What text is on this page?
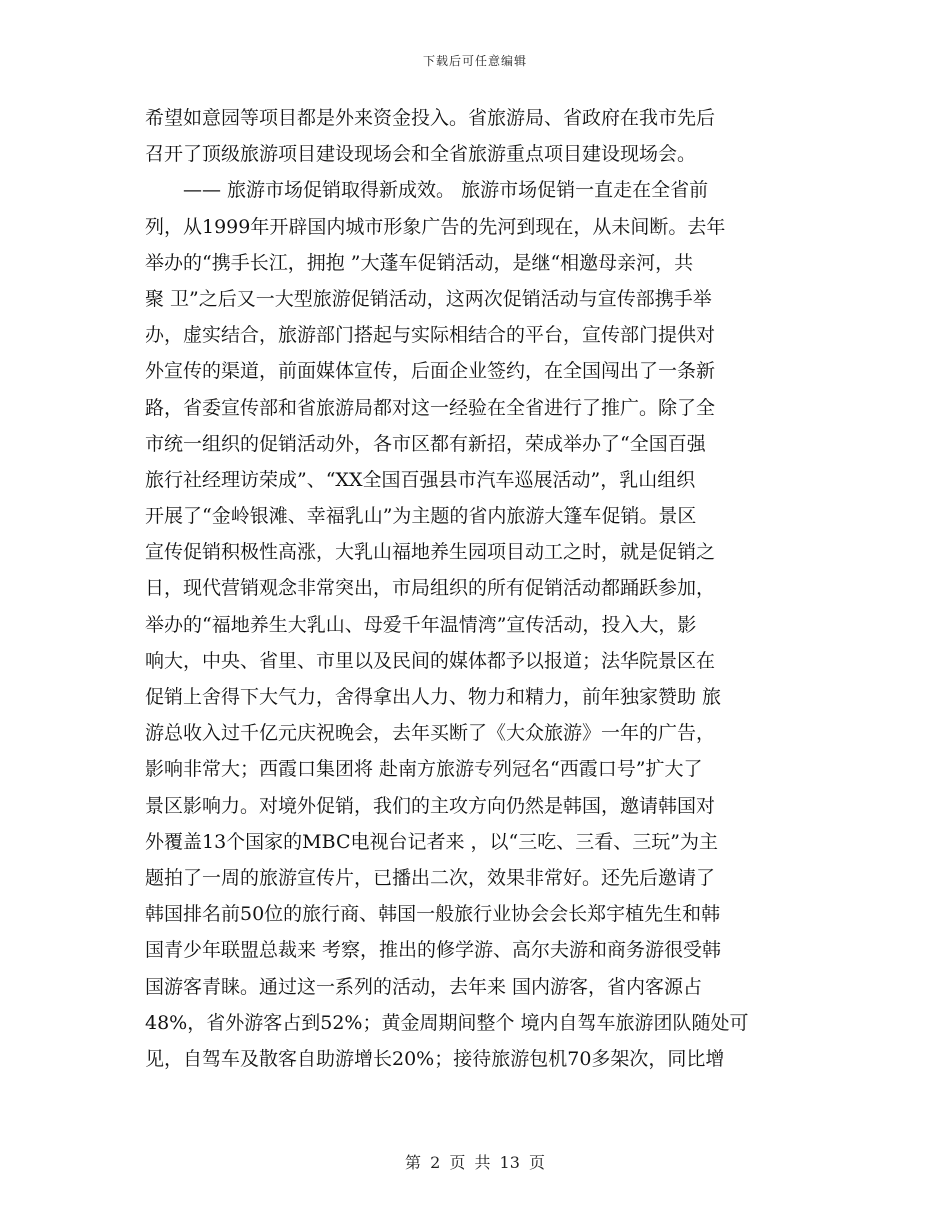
下载后可任意编辑
希望如意园等项目都是外来资金投入。省旅游局、省政府在我市先后
召开了顶级旅游项目建设现场会和全省旅游重点项目建设现场会。
　　—— 旅游市场促销取得新成效。 旅游市场促销一直走在全省前
列，从1999年开辟国内城市形象广告的先河到现在，从未间断。去年
举办的“携手长江，拥抱 ”大蓬车促销活动，是继“相邀母亲河，共
聚 卫”之后又一大型旅游促销活动，这两次促销活动与宣传部携手举
办，虚实结合，旅游部门搭起与实际相结合的平台，宣传部门提供对
外宣传的渠道，前面媒体宣传，后面企业签约，在全国闯出了一条新
路，省委宣传部和省旅游局都对这一经验在全省进行了推广。除了全
市统一组织的促销活动外，各市区都有新招，荣成举办了“全国百强
旅行社经理访荣成”、“XX全国百强县市汽车巡展活动”，乳山组织
开展了“金岭银滩、幸福乳山”为主题的省内旅游大篷车促销。景区
宣传促销积极性高涨，大乳山福地养生园项目动工之时，就是促销之
日，现代营销观念非常突出，市局组织的所有促销活动都踊跃参加，
举办的“福地养生大乳山、母爱千年温情湾”宣传活动，投入大，影
响大，中央、省里、市里以及民间的媒体都予以报道；法华院景区在
促销上舍得下大气力，舍得拿出人力、物力和精力，前年独家赞助 旅
游总收入过千亿元庆祝晚会，去年买断了《大众旅游》一年的广告，
影响非常大；西霞口集团将 赴南方旅游专列冠名“西霞口号”扩大了
景区影响力。对境外促销，我们的主攻方向仍然是韩国，邀请韩国对
外覆盖13个国家的MBC电视台记者来 ，以“三吃、三看、三玩”为主
题拍了一周的旅游宣传片，已播出二次，效果非常好。还先后邀请了
韩国排名前50位的旅行商、韩国一般旅行业协会会长郑宇植先生和韩
国青少年联盟总裁来 考察，推出的修学游、高尔夫游和商务游很受韩
国游客青睐。通过这一系列的活动，去年来 国内游客，省内客源占
48%，省外游客占到52%；黄金周期间整个 境内自驾车旅游团队随处可
见，自驾车及散客自助游增长20%；接待旅游包机70多架次，同比增
第 2 页 共 13 页
